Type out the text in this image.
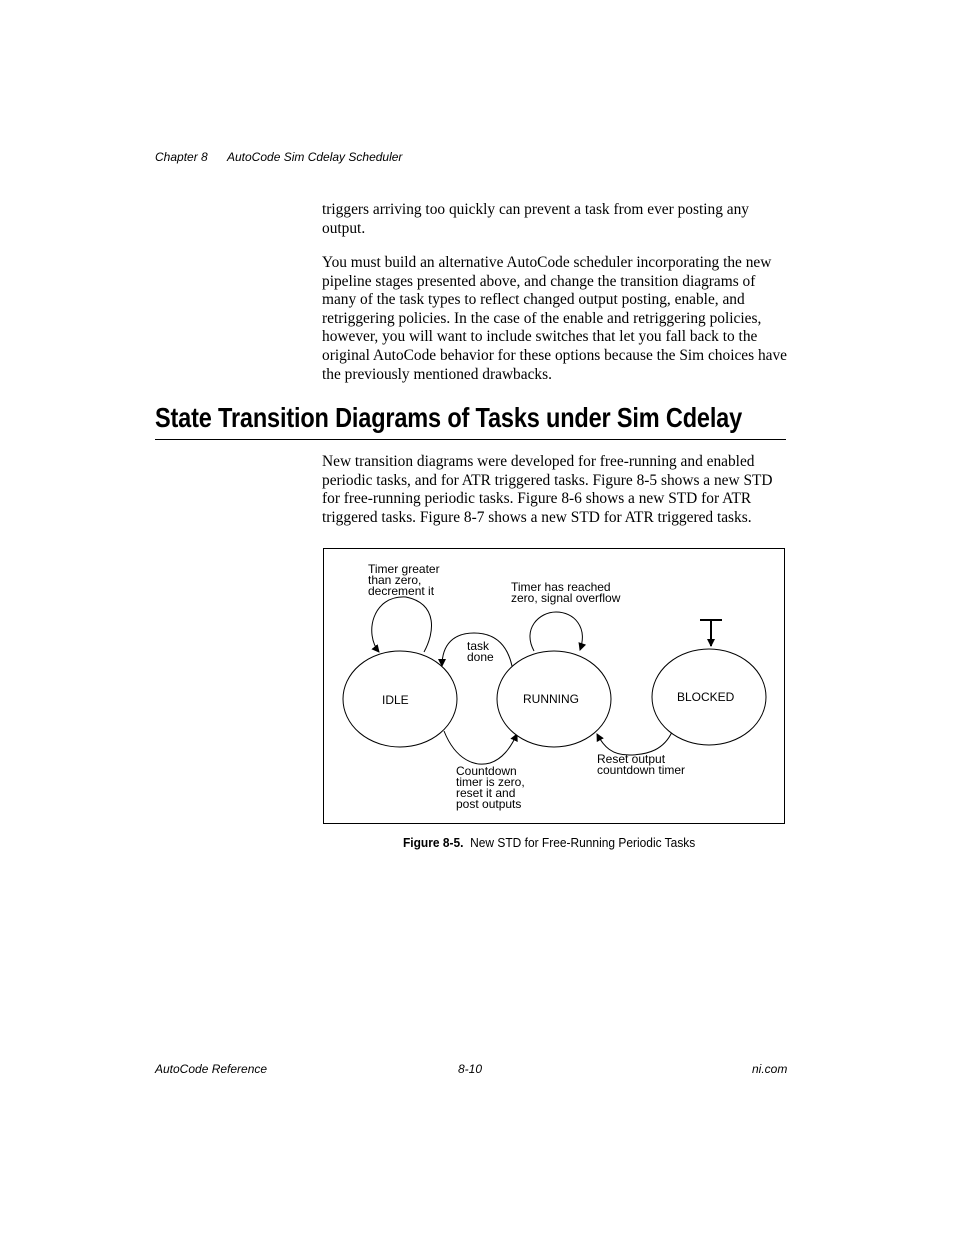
Chapter 8 AutoCode Sim Cdelay Scheduler

triggers arriving too quickly can prevent a task from ever posting any output.

You must build an alternative AutoCode scheduler incorporating the new pipeline stages presented above, and change the transition diagrams of many of the task types to reflect changed output posting, enable, and retriggering policies. In the case of the enable and retriggering policies, however, you will want to include switches that let you fall back to the original AutoCode behavior for these options because the Sim choices have the previously mentioned drawbacks.

State Transition Diagrams of Tasks under Sim Cdelay

New transition diagrams were developed for free-running and enabled periodic tasks, and for ATR triggered tasks. Figure 8-5 shows a new STD for free-running periodic tasks. Figure 8-6 shows a new STD for ATR triggered tasks. Figure 8-7 shows a new STD for ATR triggered tasks.

IDLE	RUNNING	BLOCKED
Timer greater
than zero,
decrement it	Timer has reached
zero, signal overflow
task
done
Countdown
timer is zero,
reset it and
post outputs
Reset output
countdown timer
Figure 8-5. New STD for Free-Running Periodic Tasks
AutoCode Reference	8-10	ni.com
